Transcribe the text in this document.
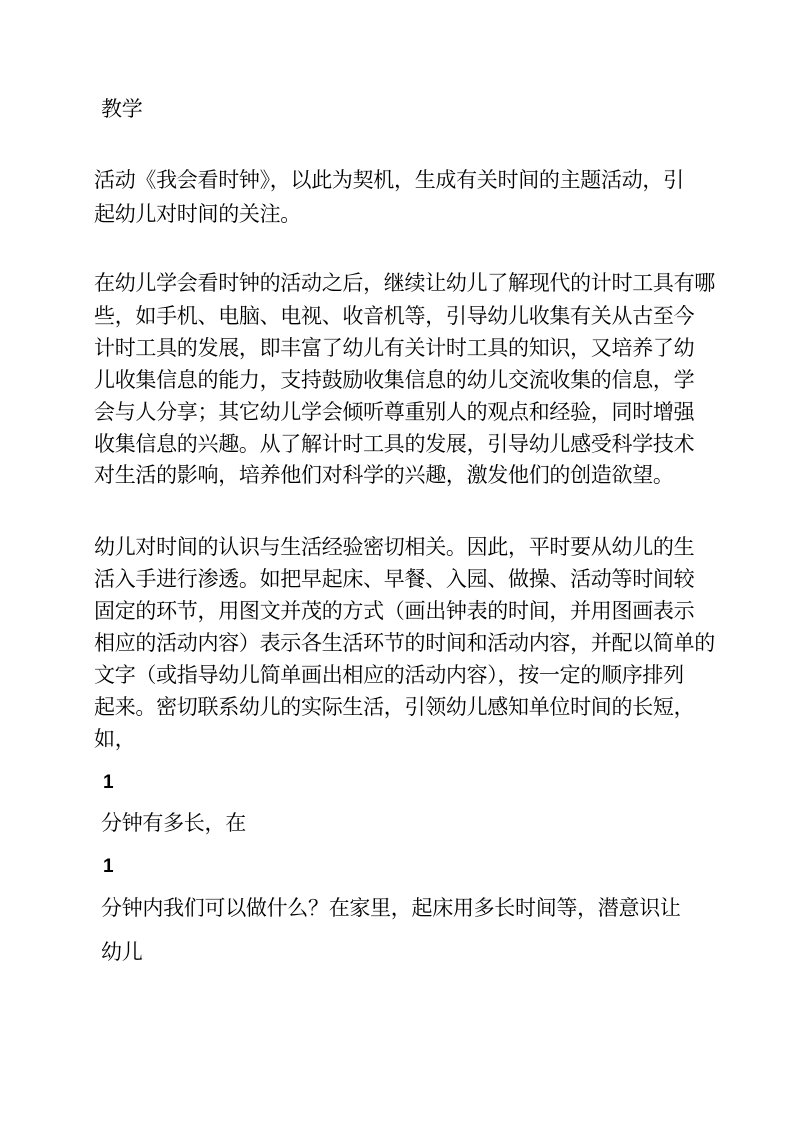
教学
活动《我会看时钟》，以此为契机，生成有关时间的主题活动，引
起幼儿对时间的关注。
在幼儿学会看时钟的活动之后，继续让幼儿了解现代的计时工具有哪
些，如手机、电脑、电视、收音机等，引导幼儿收集有关从古至今
计时工具的发展，即丰富了幼儿有关计时工具的知识，又培养了幼
儿收集信息的能力，支持鼓励收集信息的幼儿交流收集的信息，学
会与人分享；其它幼儿学会倾听尊重别人的观点和经验，同时增强
收集信息的兴趣。从了解计时工具的发展，引导幼儿感受科学技术
对生活的影响，培养他们对科学的兴趣，激发他们的创造欲望。
幼儿对时间的认识与生活经验密切相关。因此，平时要从幼儿的生
活入手进行渗透。如把早起床、早餐、入园、做操、活动等时间较
固定的环节，用图文并茂的方式（画出钟表的时间，并用图画表示
相应的活动内容）表示各生活环节的时间和活动内容，并配以简单的
文字（或指导幼儿简单画出相应的活动内容），按一定的顺序排列
起来。密切联系幼儿的实际生活，引领幼儿感知单位时间的长短，
如，
1
分钟有多长，在
1
分钟内我们可以做什么？在家里，起床用多长时间等，潜意识让
幼儿
